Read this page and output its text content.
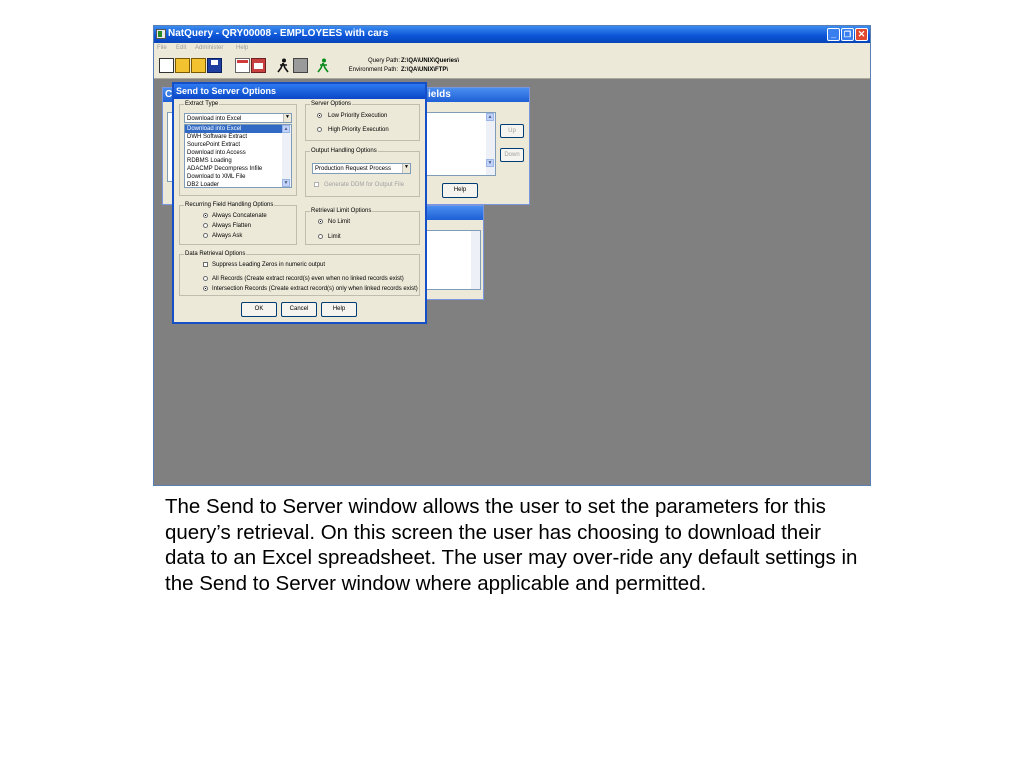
NatQuery - QRY00008 - EMPLOYEES with cars	_ ❐ ✕
File Edit Administer Help
Query Path: Z:\QA\UNIX\Queries\
Environment Path: Z:\QA\UNIX\FTP\
C	ields
▲
▼
Up
Down
Help
Send to Server Options
Extract Type
Download into Excel	▼
Download into Excel
DWH Software Extract
SourcePoint Extract
Download into Access
RDBMS Loading
ADACMP Decompress Infile
Download to XML File
DB2 Loader
▲
▼
Server Options
Low Priority Execution
High Priority Execution
Output Handling Options
Production Request Process	▼
Generate DDM for Output File
Recurring Field Handling Options
Always Concatenate
Always Flatten
Always Ask
Retrieval Limit Options
No Limit
Limit
Data Retrieval Options
Suppress Leading Zeros in numeric output
All Records (Create extract record(s) even when no linked records exist)
Intersection Records (Create extract record(s) only when linked records exist)
OK	Cancel	Help

The Send to Server window allows the user to set the parameters for this query’s retrieval. On this screen the user has choosing to download their data to an Excel spreadsheet. The user may over-ride any default settings in the Send to Server window where applicable and permitted.
